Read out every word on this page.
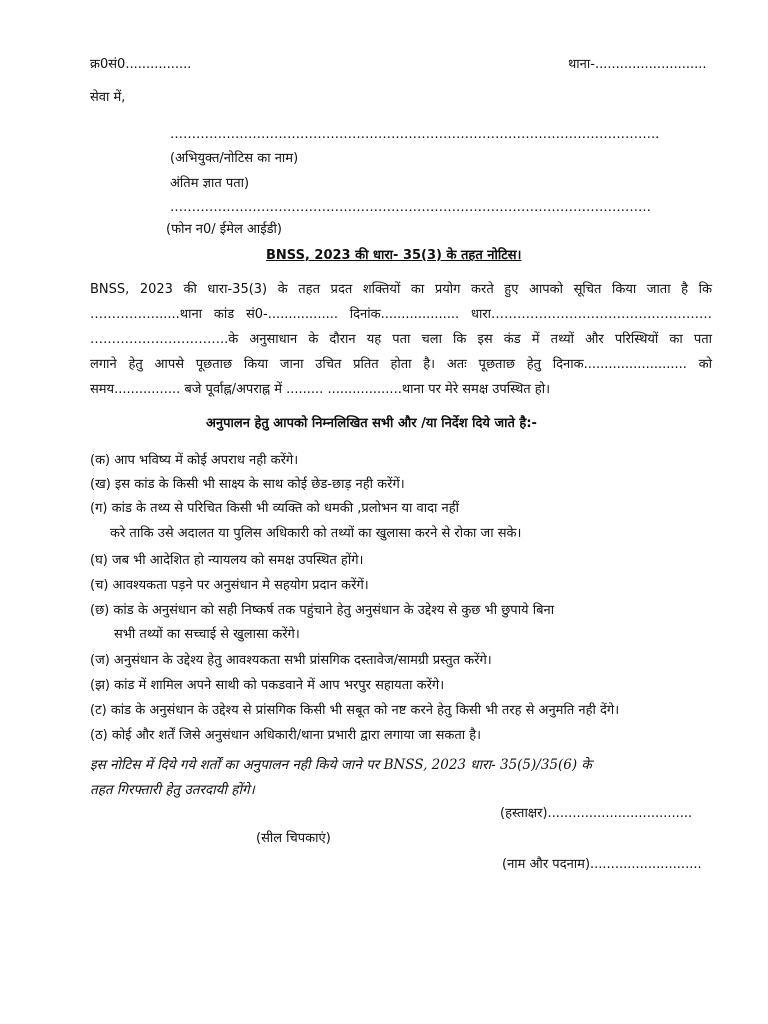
क्र0सं0................	थाना-...........................
सेवा में,
…………………………………………………………………………………………………..
(अभियुक्त/नोटिस का नाम)
अंतिम ज्ञात पता)
…………………………………………………………………………………………………
(फोन न0/ ईमेल आईडी)
BNSS, 2023 की धारा- 35(3) के तहत नोटिस।
BNSS, 2023 की धारा-35(3) के तहत प्रदत शक्तियों का प्रयोग करते हुए आपको सूचित किया जाता है कि
……………......थाना कांड सं0-................. दिनांक................... धारा……………………………………………
…………………………..के अनुसाधान के दौरान यह पता चला कि इस कंड में तथ्यों और परिस्थियों का पता
लगाने हेतु आपसे पूछताछ किया जाना उचित प्रतित होता है। अतः पूछताछ हेतु दिनाक......................... को
समय................ बजे पूर्वाह्न/अपराह्न में ......... ..................थाना पर मेरे समक्ष उपस्थित हो।
अनुपालन हेतु आपको निम्नलिखित सभी और /या निर्देश दिये जाते है:-
(क) आप भविष्य में कोई अपराध नही करेंगे।
(ख) इस कांड के किसी भी साक्ष्य के साथ कोई छेड-छाड़ नही करेंगें।
(ग) कांड के तथ्य से परिचित किसी भी व्यक्ति को धमकी ,प्रलोभन या वादा नहीं
करे ताकि उसे अदालत या पुलिस अधिकारी को तथ्यों का खुलासा करने से रोका जा सके।
(घ) जब भी आदेशित हो न्यायलय को समक्ष उपस्थित होंगे।
(च) आवश्यकता पड़ने पर अनुसंधान मे सहयोग प्रदान करेंगें।
(छ) कांड के अनुसंधान को सही निष्कर्ष तक पहुंचाने हेतु अनुसंधान के उद्देश्य से कुछ भी छुपाये बिना
सभी तथ्यों का सच्चाई से खुलासा करेंगे।
(ज) अनुसंधान के उद्देश्य हेतु आवश्यकता सभी प्रांसगिक दस्तावेज/सामग्री प्रस्तुत करेंगे।
(झ) कांड में शामिल अपने साथी को पकडवाने में आप भरपुर सहायता करेंगे।
(ट) कांड के अनुसंधान के उद्देश्य से प्रांसगिक किसी भी सबूत को नष्ट करने हेतु किसी भी तरह से अनुमति नही देंगे।
(ठ) कोई और शर्तें जिसे अनुसंधान अधिकारी/थाना प्रभारी द्वारा लगाया जा सकता है।
इस नोटिस में दिये गये शर्तों का अनुपालन नही किये जाने पर BNSS, 2023 धारा- 35(5)/35(6) के
तहत गिरफ्तारी हेतु उतरदायी होंगे।
(हस्ताक्षर)...................................
(सील चिपकाएं)
(नाम और पदनाम)...........................
